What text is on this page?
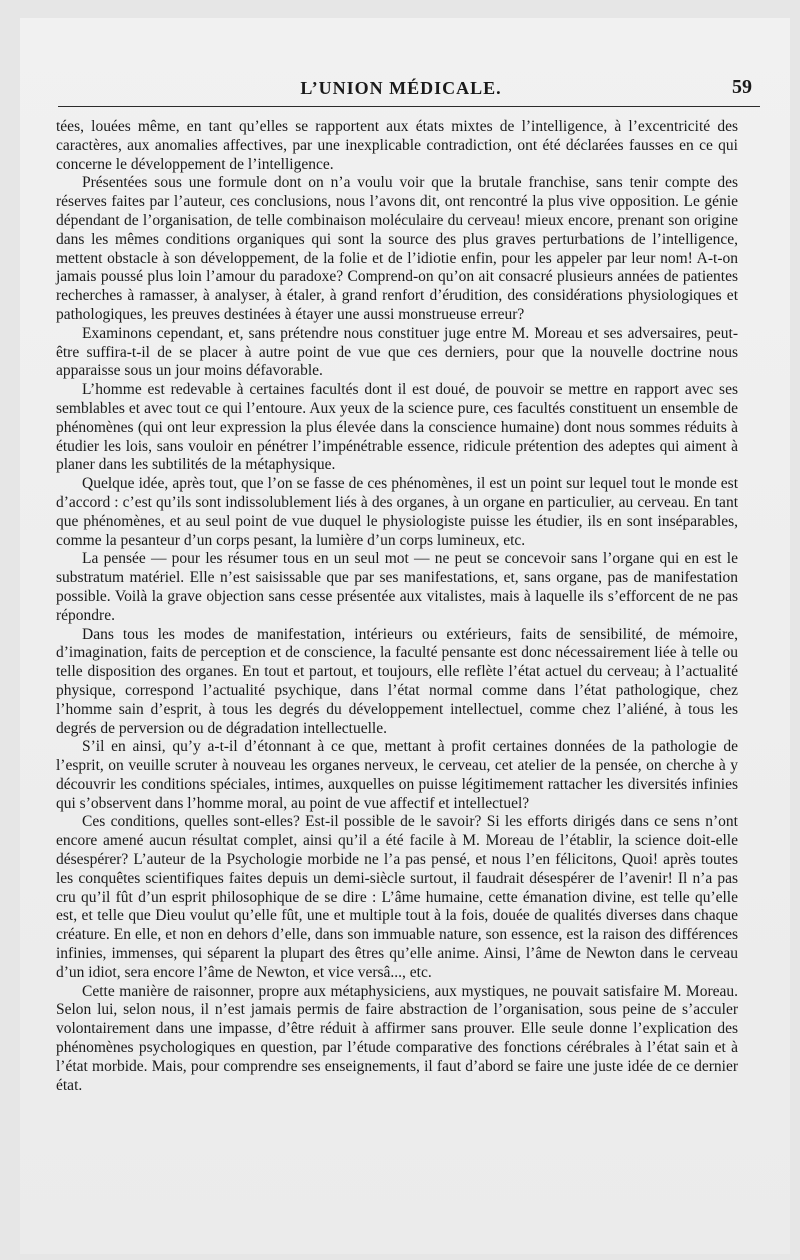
L’UNION MÉDICALE.	59

tées, louées même, en tant qu’elles se rapportent aux états mixtes de l’intelligence, à l’excentricité des caractères, aux anomalies affectives, par une inexplicable contradiction, ont été déclarées fausses en ce qui concerne le développement de l’intelligence.

Présentées sous une formule dont on n’a voulu voir que la brutale franchise, sans tenir compte des réserves faites par l’auteur, ces conclusions, nous l’avons dit, ont rencontré la plus vive opposition. Le génie dépendant de l’organisation, de telle combinaison moléculaire du cerveau! mieux encore, prenant son origine dans les mêmes conditions organiques qui sont la source des plus graves perturbations de l’intelligence, mettent obstacle à son développement, de la folie et de l’idiotie enfin, pour les appeler par leur nom! A-t-on jamais poussé plus loin l’amour du paradoxe? Comprend-on qu’on ait consacré plusieurs années de patientes recherches à ramasser, à analyser, à étaler, à grand renfort d’érudition, des considérations physiologiques et pathologiques, les preuves destinées à étayer une aussi monstrueuse erreur?

Examinons cependant, et, sans prétendre nous constituer juge entre M. Moreau et ses adversaires, peut-être suffira-t-il de se placer à autre point de vue que ces derniers, pour que la nouvelle doctrine nous apparaisse sous un jour moins défavorable.

L’homme est redevable à certaines facultés dont il est doué, de pouvoir se mettre en rapport avec ses semblables et avec tout ce qui l’entoure. Aux yeux de la science pure, ces facultés constituent un ensemble de phénomènes (qui ont leur expression la plus élevée dans la conscience humaine) dont nous sommes réduits à étudier les lois, sans vouloir en pénétrer l’impénétrable essence, ridicule prétention des adeptes qui aiment à planer dans les subtilités de la métaphysique.

Quelque idée, après tout, que l’on se fasse de ces phénomènes, il est un point sur lequel tout le monde est d’accord : c’est qu’ils sont indissolublement liés à des organes, à un organe en particulier, au cerveau. En tant que phénomènes, et au seul point de vue duquel le physiologiste puisse les étudier, ils en sont inséparables, comme la pesanteur d’un corps pesant, la lumière d’un corps lumineux, etc.

La pensée — pour les résumer tous en un seul mot — ne peut se concevoir sans l’organe qui en est le substratum matériel. Elle n’est saisissable que par ses manifestations, et, sans organe, pas de manifestation possible. Voilà la grave objection sans cesse présentée aux vitalistes, mais à laquelle ils s’efforcent de ne pas répondre.

Dans tous les modes de manifestation, intérieurs ou extérieurs, faits de sensibilité, de mémoire, d’imagination, faits de perception et de conscience, la faculté pensante est donc nécessairement liée à telle ou telle disposition des organes. En tout et partout, et toujours, elle reflète l’état actuel du cerveau; à l’actualité physique, correspond l’actualité psychique, dans l’état normal comme dans l’état pathologique, chez l’homme sain d’esprit, à tous les degrés du développement intellectuel, comme chez l’aliéné, à tous les degrés de perversion ou de dégradation intellectuelle.

S’il en ainsi, qu’y a-t-il d’étonnant à ce que, mettant à profit certaines données de la pathologie de l’esprit, on veuille scruter à nouveau les organes nerveux, le cerveau, cet atelier de la pensée, on cherche à y découvrir les conditions spéciales, intimes, auxquelles on puisse légitimement rattacher les diversités infinies qui s’observent dans l’homme moral, au point de vue affectif et intellectuel?

Ces conditions, quelles sont-elles? Est-il possible de le savoir? Si les efforts dirigés dans ce sens n’ont encore amené aucun résultat complet, ainsi qu’il a été facile à M. Moreau de l’établir, la science doit-elle désespérer? L’auteur de la Psychologie morbide ne l’a pas pensé, et nous l’en félicitons, Quoi! après toutes les conquêtes scientifiques faites depuis un demi-siècle surtout, il faudrait désespérer de l’avenir! Il n’a pas cru qu’il fût d’un esprit philosophique de se dire : L’âme humaine, cette émanation divine, est telle qu’elle est, et telle que Dieu voulut qu’elle fût, une et multiple tout à la fois, douée de qualités diverses dans chaque créature. En elle, et non en dehors d’elle, dans son immuable nature, son essence, est la raison des différences infinies, immenses, qui séparent la plupart des êtres qu’elle anime. Ainsi, l’âme de Newton dans le cerveau d’un idiot, sera encore l’âme de Newton, et vice versâ..., etc.

Cette manière de raisonner, propre aux métaphysiciens, aux mystiques, ne pouvait satisfaire M. Moreau. Selon lui, selon nous, il n’est jamais permis de faire abstraction de l’organisation, sous peine de s’acculer volontairement dans une impasse, d’être réduit à affirmer sans prouver. Elle seule donne l’explication des phénomènes psychologiques en question, par l’étude comparative des fonctions cérébrales à l’état sain et à l’état morbide. Mais, pour comprendre ses enseignements, il faut d’abord se faire une juste idée de ce dernier état.
